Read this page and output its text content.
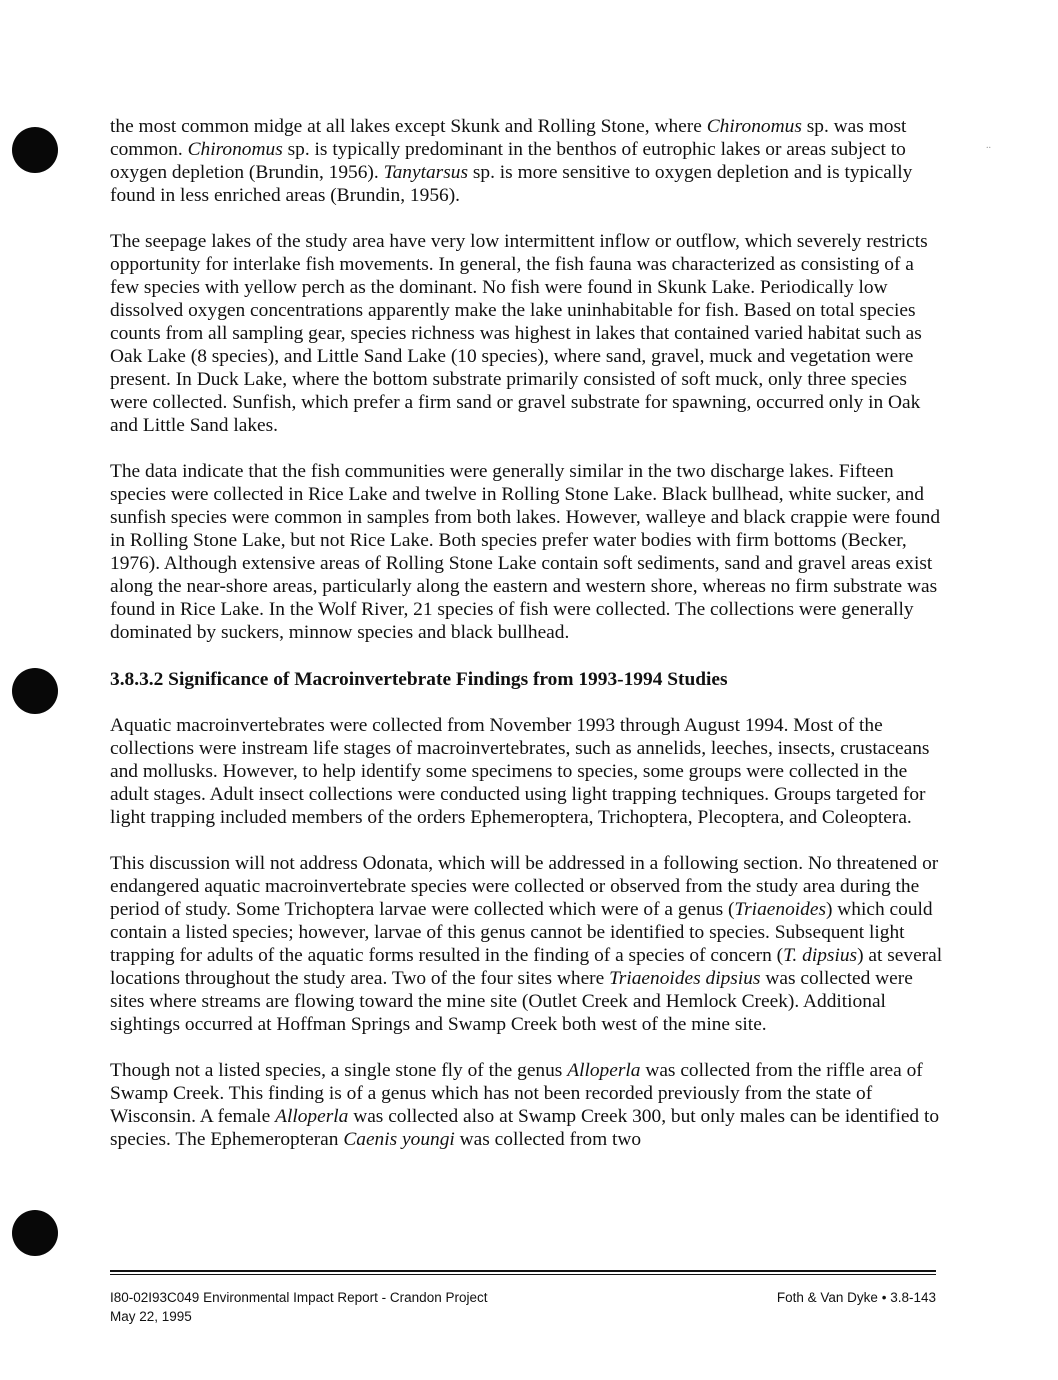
..

the most common midge at all lakes except Skunk and Rolling Stone, where Chironomus sp. was most common. Chironomus sp. is typically predominant in the benthos of eutrophic lakes or areas subject to oxygen depletion (Brundin, 1956). Tanytarsus sp. is more sensitive to oxygen depletion and is typically found in less enriched areas (Brundin, 1956).

The seepage lakes of the study area have very low intermittent inflow or outflow, which severely restricts opportunity for interlake fish movements. In general, the fish fauna was characterized as consisting of a few species with yellow perch as the dominant. No fish were found in Skunk Lake. Periodically low dissolved oxygen concentrations apparently make the lake uninhabitable for fish. Based on total species counts from all sampling gear, species richness was highest in lakes that contained varied habitat such as Oak Lake (8 species), and Little Sand Lake (10 species), where sand, gravel, muck and vegetation were present. In Duck Lake, where the bottom substrate primarily consisted of soft muck, only three species were collected. Sunfish, which prefer a firm sand or gravel substrate for spawning, occurred only in Oak and Little Sand lakes.

The data indicate that the fish communities were generally similar in the two discharge lakes. Fifteen species were collected in Rice Lake and twelve in Rolling Stone Lake. Black bullhead, white sucker, and sunfish species were common in samples from both lakes. However, walleye and black crappie were found in Rolling Stone Lake, but not Rice Lake. Both species prefer water bodies with firm bottoms (Becker, 1976). Although extensive areas of Rolling Stone Lake contain soft sediments, sand and gravel areas exist along the near-shore areas, particularly along the eastern and western shore, whereas no firm substrate was found in Rice Lake. In the Wolf River, 21 species of fish were collected. The collections were generally dominated by suckers, minnow species and black bullhead.

3.8.3.2 Significance of Macroinvertebrate Findings from 1993-1994 Studies

Aquatic macroinvertebrates were collected from November 1993 through August 1994. Most of the collections were instream life stages of macroinvertebrates, such as annelids, leeches, insects, crustaceans and mollusks. However, to help identify some specimens to species, some groups were collected in the adult stages. Adult insect collections were conducted using light trapping techniques. Groups targeted for light trapping included members of the orders Ephemeroptera, Trichoptera, Plecoptera, and Coleoptera.

This discussion will not address Odonata, which will be addressed in a following section. No threatened or endangered aquatic macroinvertebrate species were collected or observed from the study area during the period of study. Some Trichoptera larvae were collected which were of a genus (Triaenoides) which could contain a listed species; however, larvae of this genus cannot be identified to species. Subsequent light trapping for adults of the aquatic forms resulted in the finding of a species of concern (T. dipsius) at several locations throughout the study area. Two of the four sites where Triaenoides dipsius was collected were sites where streams are flowing toward the mine site (Outlet Creek and Hemlock Creek). Additional sightings occurred at Hoffman Springs and Swamp Creek both west of the mine site.

Though not a listed species, a single stone fly of the genus Alloperla was collected from the riffle area of Swamp Creek. This finding is of a genus which has not been recorded previously from the state of Wisconsin. A female Alloperla was collected also at Swamp Creek 300, but only males can be identified to species. The Ephemeropteran Caenis youngi was collected from two

I80-02I93C049 Environmental Impact Report - Crandon Project
May 22, 1995
Foth & Van Dyke • 3.8-143
